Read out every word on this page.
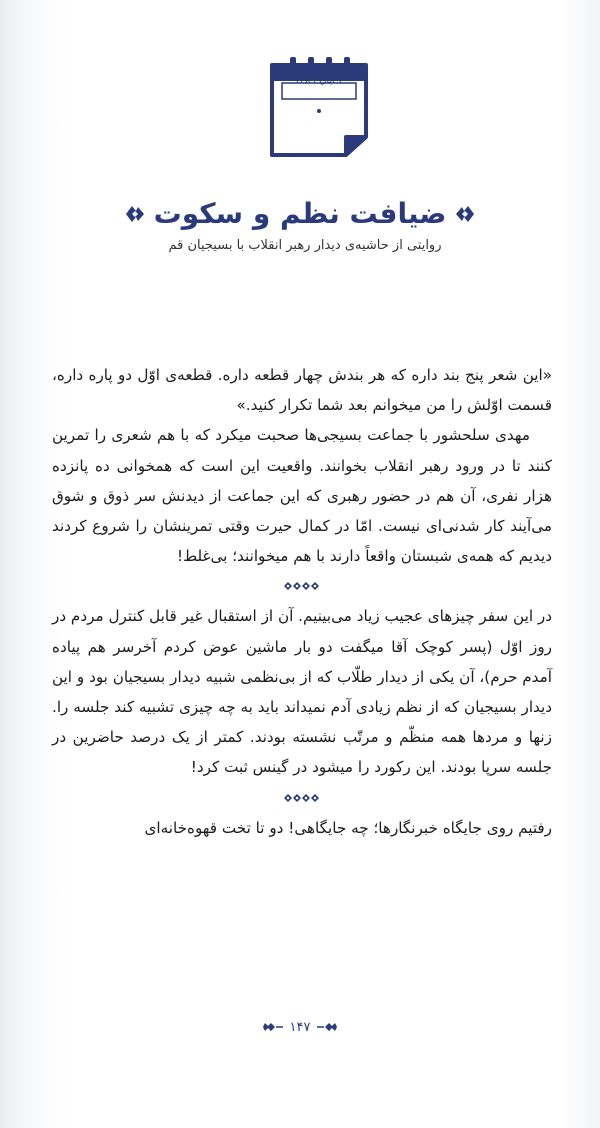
۲ آبان ۱۳۸۹
ضیافت نظم و سکوت
روایتی از حاشیه‌ی دیدار رهبر انقلاب با بسیجیان قم

«این شعر پنج بند داره که هر بندش چهار قطعه داره. قطعه‌ی اوّل دو پاره داره، قسمت اوّلش را من میخوانم بعد شما تکرار کنید.»

مهدی سلحشور با جماعت بسیجی‌ها صحبت میکرد که با هم شعری را تمرین کنند تا در ورود رهبر انقلاب بخوانند. واقعیت این است که همخوانی ده پانزده هزار نفری، آن هم در حضور رهبری که این جماعت از دیدنش سر ذوق و شوق می‌آیند کار شدنی‌ای نیست. امّا در کمال حیرت وقتی تمرینشان را شروع کردند دیدیم که همه‌ی شبستان واقعاً دارند با هم میخوانند؛ بی‌غلط!

در این سفر چیزهای عجیب زیاد می‌بینیم. آن از استقبال غیر قابل کنترل مردم در روز اوّل (پسر کوچک آقا میگفت دو بار ماشین عوض کردم آخرسر هم پیاده آمدم حرم)، آن یکی از دیدار طلّاب که از بی‌نظمی شبیه دیدار بسیجیان بود و این دیدار بسیجیان که از نظم زیادی آدم نمیداند باید به چه چیزی تشبیه کند جلسه را. زنها و مردها همه منظّم و مرتّب نشسته بودند. کمتر از یک درصد حاضرین در جلسه سرپا بودند. این رکورد را میشود در گینس ثبت کرد!

رفتیم روی جایگاه خبرنگارها؛ چه جایگاهی! دو تا تخت قهوه‌خانه‌ای

۱۴۷
